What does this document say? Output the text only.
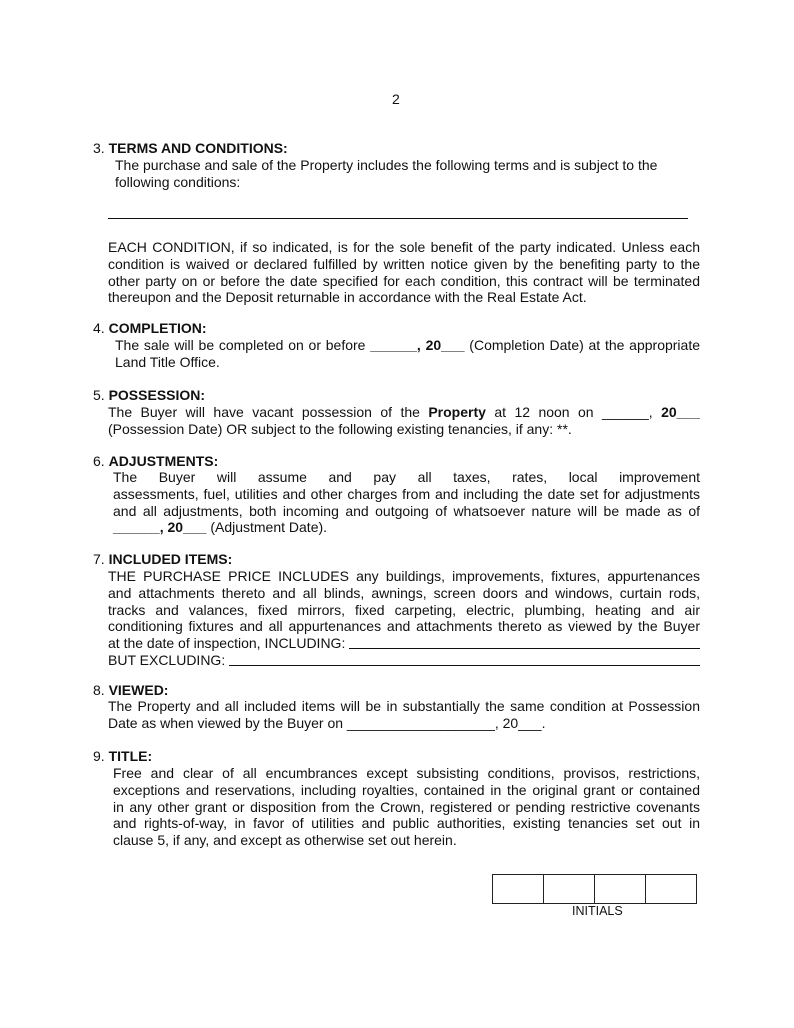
2
3. TERMS AND CONDITIONS:
The purchase and sale of the Property includes the following terms and is subject to the
following conditions:
4. COMPLETION:
The sale will be completed on or before ______, 20___ (Completion Date) at the appropriate
Land Title Office.
5. POSSESSION:
The Buyer will have vacant possession of the Property at 12 noon on ______, 20___
(Possession Date) OR subject to the following existing tenancies, if any: **.
6. ADJUSTMENTS:
The Buyer will assume and pay all taxes, rates, local improvement
assessments, fuel, utilities and other charges from and including the date set for adjustments
and all adjustments, both incoming and outgoing of whatsoever nature will be made as of
______, 20___ (Adjustment Date).
7. INCLUDED ITEMS:
THE PURCHASE PRICE INCLUDES any buildings, improvements, fixtures, appurtenances
and attachments thereto and all blinds, awnings, screen doors and windows, curtain rods,
tracks and valances, fixed mirrors, fixed carpeting, electric, plumbing, heating and air
conditioning fixtures and all appurtenances and attachments thereto as viewed by the Buyer
at the date of inspection, INCLUDING:
BUT EXCLUDING:
8. VIEWED:
The Property and all included items will be in substantially the same condition at Possession
Date as when viewed by the Buyer on ___________________, 20___.
9. TITLE:
Free and clear of all encumbrances except subsisting conditions, provisos, restrictions,
exceptions and reservations, including royalties, contained in the original grant or contained
in any other grant or disposition from the Crown, registered or pending restrictive covenants
and rights-of-way, in favor of utilities and public authorities, existing tenancies set out in
clause 5, if any, and except as otherwise set out herein.
EACH CONDITION, if so indicated, is for the sole benefit of the party indicated. Unless each
condition is waived or declared fulfilled by written notice given by the benefiting party to the
other party on or before the date specified for each condition, this contract will be terminated
thereupon and the Deposit returnable in accordance with the Real Estate Act.
INITIALS
